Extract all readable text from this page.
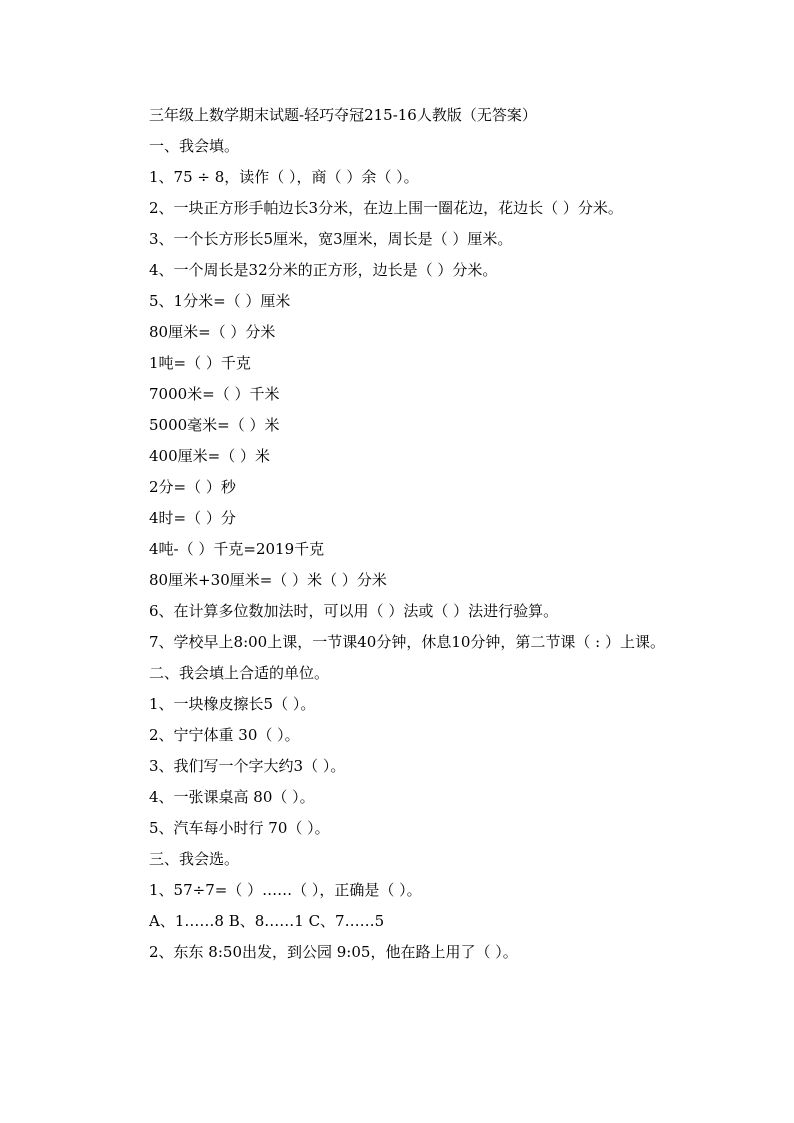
三年级上数学期末试题-轻巧夺冠215-16人教版（无答案）
一、我会填。
1、75 ÷ 8，读作（ ），商（ ）余（ ）。
2、一块正方形手帕边长3分米，在边上围一圈花边，花边长（ ）分米。
3、一个长方形长5厘米，宽3厘米，周长是（ ）厘米。
4、一个周长是32分米的正方形，边长是（ ）分米。
5、1分米=（ ）厘米
80厘米=（ ）分米
1吨=（ ）千克
7000米=（ ）千米
5000毫米=（ ）米
400厘米=（ ）米
2分=（ ）秒
4时=（ ）分
4吨-（ ）千克=2019千克
80厘米+30厘米=（ ）米（ ）分米
6、在计算多位数加法时，可以用（ ）法或（ ）法进行验算。
7、学校早上8:00上课，一节课40分钟，休息10分钟，第二节课（ : ）上课。
二、我会填上合适的单位。
1、一块橡皮擦长5（ ）。
2、宁宁体重 30（ ）。
3、我们写一个字大约3（ ）。
4、一张课桌高 80（ ）。
5、汽车每小时行 70（ ）。
三、我会选。
1、57÷7=（ ）……（ ），正确是（ ）。
A、1……8 B、8……1 C、7……5
2、东东 8:50出发，到公园 9:05，他在路上用了（ ）。
